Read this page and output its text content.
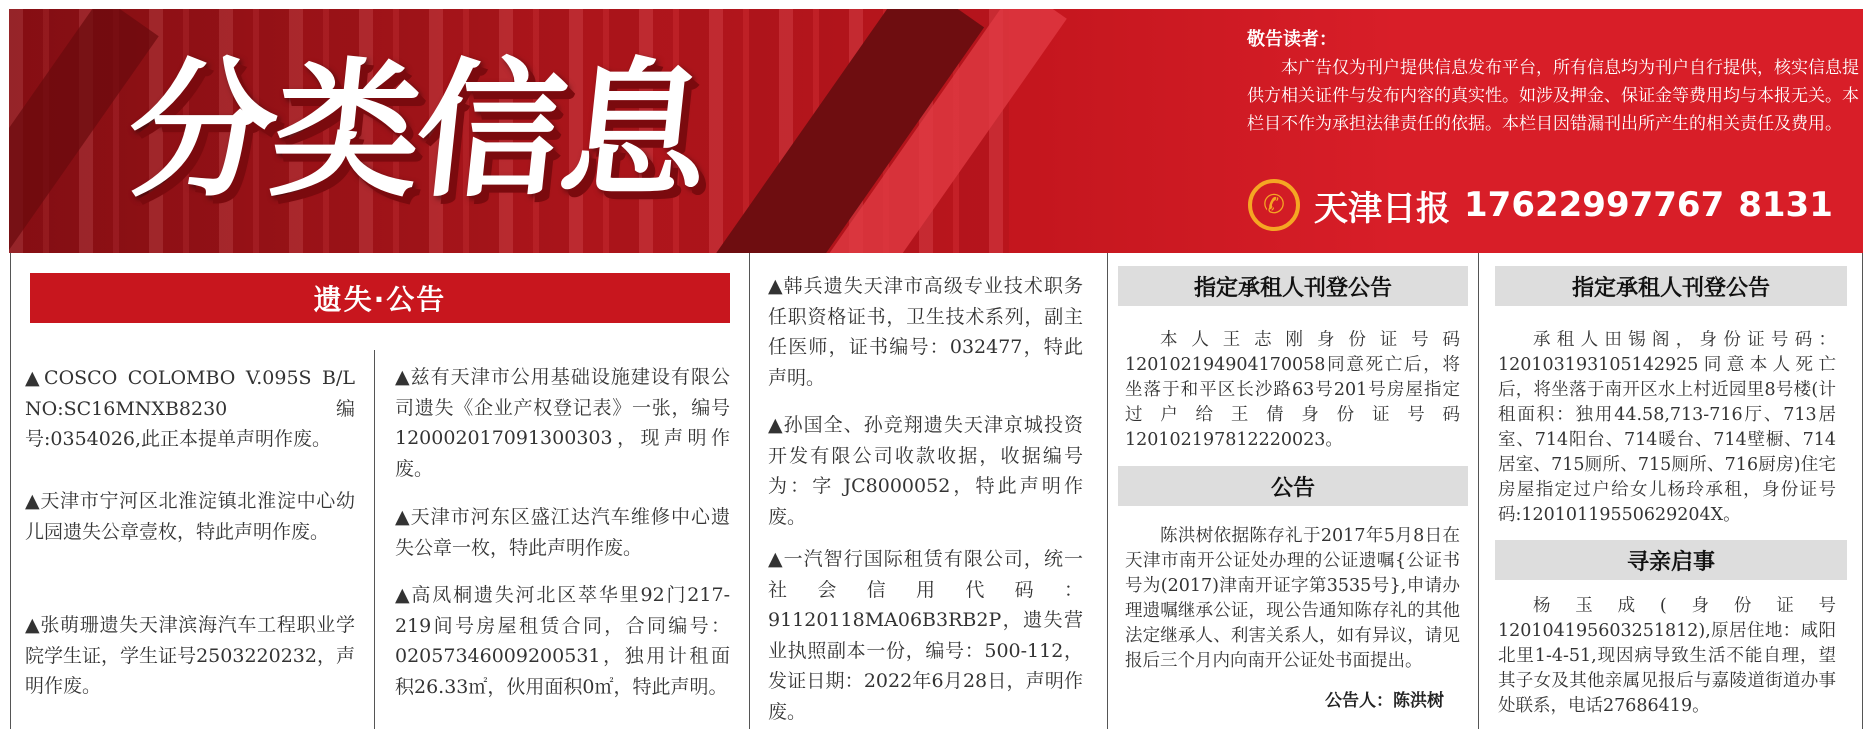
分类信息
敬告读者：
本广告仅为刊户提供信息发布平台，所有信息均为刊户自行提供，核实信息提供方相关证件与发布内容的真实性。如涉及押金、保证金等费用均与本报无关。本栏目不作为承担法律责任的依据。本栏目因错漏刊出所产生的相关责任及费用。
✆ 天津日报 17622997767 8131
遗失·公告
▲COSCO COLOMBO V.095S B/L NO:SC16MNXB8230 编号:0354026,此正本提单声明作废。
▲天津市宁河区北淮淀镇北淮淀中心幼儿园遗失公章壹枚，特此声明作废。
▲张萌珊遗失天津滨海汽车工程职业学院学生证，学生证号2503220232，声明作废。
▲兹有天津市公用基础设施建设有限公司遗失《企业产权登记表》一张，编号 120002017091300303，现声明作废。
▲天津市河东区盛江达汽车维修中心遗失公章一枚，特此声明作废。
▲高凤桐遗失河北区萃华里92门217-219间号房屋租赁合同，合同编号：02057346009200531，独用计租面积26.33㎡，伙用面积0㎡，特此声明。
▲韩兵遗失天津市高级专业技术职务任职资格证书，卫生技术系列，副主任医师，证书编号：032477，特此声明。
▲孙国全、孙竞翔遗失天津京城投资开发有限公司收款收据，收据编号为：字 JC8000052，特此声明作废。
▲一汽智行国际租赁有限公司，统一社会信用代码：91120118MA06B3RB2P，遗失营业执照副本一份，编号：500-112，发证日期：2022年6月28日，声明作废。
指定承租人刊登公告
本人王志刚身份证号码120102194904170058同意死亡后，将坐落于和平区长沙路63号201号房屋指定过户给王倩身份证号码120102197812220023。
公告
陈洪树依据陈存礼于2017年5月8日在天津市南开公证处办理的公证遗嘱{公证书号为(2017)津南开证字第3535号},申请办理遗嘱继承公证，现公告通知陈存礼的其他法定继承人、利害关系人，如有异议，请见报后三个月内向南开公证处书面提出。
公告人：陈洪树
指定承租人刊登公告
承租人田锡阁，身份证号码：120103193105142925同意本人死亡后，将坐落于南开区水上村近园里8号楼(计租面积：独用44.58,713-716厅、713居室、714阳台、714暖台、714壁橱、714居室、715厕所、715厕所、716厨房)住宅房屋指定过户给女儿杨玲承租，身份证号码:12010119550629204X。
寻亲启事
杨玉成(身份证号120104195603251812),原居住地：咸阳北里1-4-51,现因病导致生活不能自理，望其子女及其他亲属见报后与嘉陵道街道办事处联系，电话27686419。
